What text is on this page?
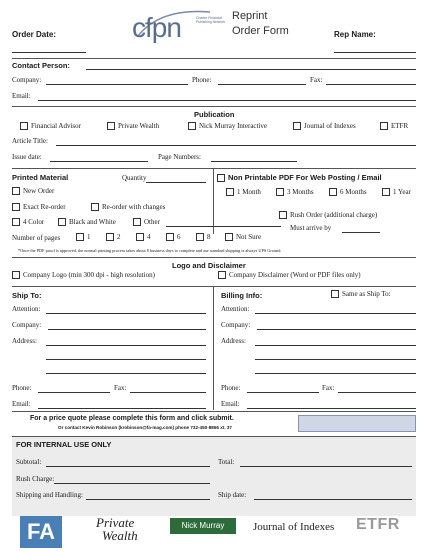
Order Date:	cfpn	Charter Financial Publishing Network Reprint
Order Form	Rep Name:
Contact Person:
Company:	Phone:	Fax:
Email:
Publication
Financial Advisor	Private Wealth	Nick Murray Interactive	Journal of Indexes	ETFR
Article Title:
Issue date:	Page Numbers:
Printed Material	Quantity
New Order
Exact Re-order	Re-order with changes
4 Color	Black and White	Other
Number of pages	1	2	4	6	8	Not Sure
Non Printable PDF For Web Posting / Email
1 Month	3 Months	6 Months	1 Year
Rush Order (additional charge)
Must arrive by
*Once the PDF proof is approved, the normal printing process takes about 8 business days to complete and our standard shipping is always UPS Ground.
Logo and Disclaimer
Company Logo (min 300 dpi - high resolution)	Company Disclaimer (Word or PDF files only)
Ship To:
Attention:
Company:
Address:
Phone:	Fax:
Email:
Billing Info:	Same as Ship To:
Attention:
Company:
Address:
Phone:	Fax:
Email:
For a price quote please complete this form and click submit.
Or contact Kevin Robinson (krobinson@fa-mag.com) phone 732-450-8866 xt. 37
FOR INTERNAL USE ONLY
Subtotal:	Total:
Rush Charge:
Shipping and Handling:	Ship date:
FA	Private
Wealth
Nick Murray	Journal of Indexes ETFR
